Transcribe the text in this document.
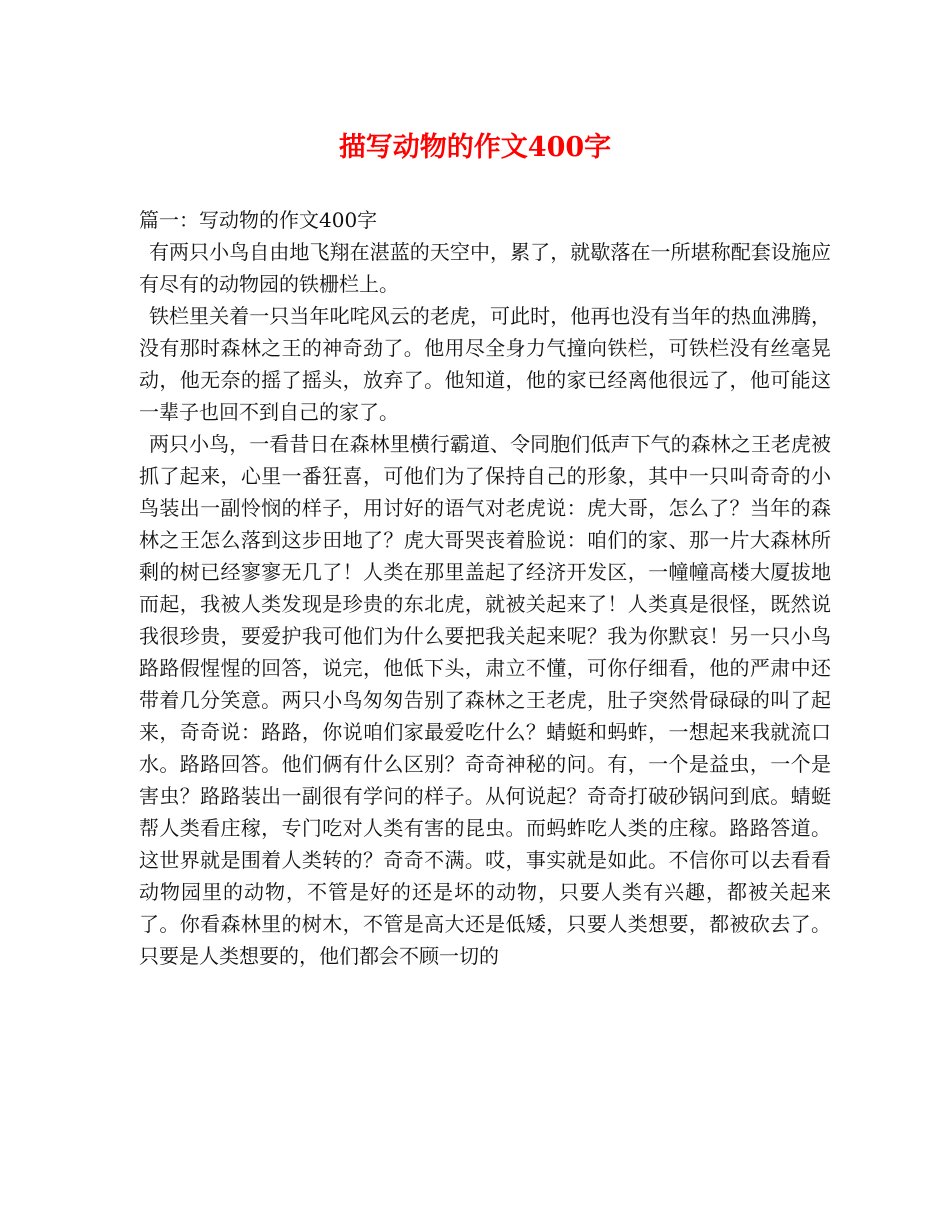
描写动物的作文400字

篇一：写动物的作文400字

有两只小鸟自由地飞翔在湛蓝的天空中，累了，就歇落在一所堪称配套设施应有尽有的动物园的铁栅栏上。

铁栏里关着一只当年叱咤风云的老虎，可此时，他再也没有当年的热血沸腾，没有那时森林之王的神奇劲了。他用尽全身力气撞向铁栏，可铁栏没有丝毫晃动，他无奈的摇了摇头，放弃了。他知道，他的家已经离他很远了，他可能这一辈子也回不到自己的家了。

两只小鸟，一看昔日在森林里横行霸道、令同胞们低声下气的森林之王老虎被抓了起来，心里一番狂喜，可他们为了保持自己的形象，其中一只叫奇奇的小鸟装出一副怜悯的样子，用讨好的语气对老虎说：虎大哥，怎么了？当年的森林之王怎么落到这步田地了？虎大哥哭丧着脸说：咱们的家、那一片大森林所剩的树已经寥寥无几了！人类在那里盖起了经济开发区，一幢幢高楼大厦拔地而起，我被人类发现是珍贵的东北虎，就被关起来了！人类真是很怪，既然说我很珍贵，要爱护我可他们为什么要把我关起来呢？我为你默哀！另一只小鸟路路假惺惺的回答，说完，他低下头，肃立不懂，可你仔细看，他的严肃中还带着几分笑意。两只小鸟匆匆告别了森林之王老虎，肚子突然骨碌碌的叫了起来，奇奇说：路路，你说咱们家最爱吃什么？蜻蜓和蚂蚱，一想起来我就流口水。路路回答。他们俩有什么区别？奇奇神秘的问。有，一个是益虫，一个是害虫？路路装出一副很有学问的样子。从何说起？奇奇打破砂锅问到底。蜻蜓帮人类看庄稼，专门吃对人类有害的昆虫。而蚂蚱吃人类的庄稼。路路答道。这世界就是围着人类转的？奇奇不满。哎，事实就是如此。不信你可以去看看动物园里的动物，不管是好的还是坏的动物，只要人类有兴趣，都被关起来了。你看森林里的树木，不管是高大还是低矮，只要人类想要，都被砍去了。只要是人类想要的，他们都会不顾一切的
